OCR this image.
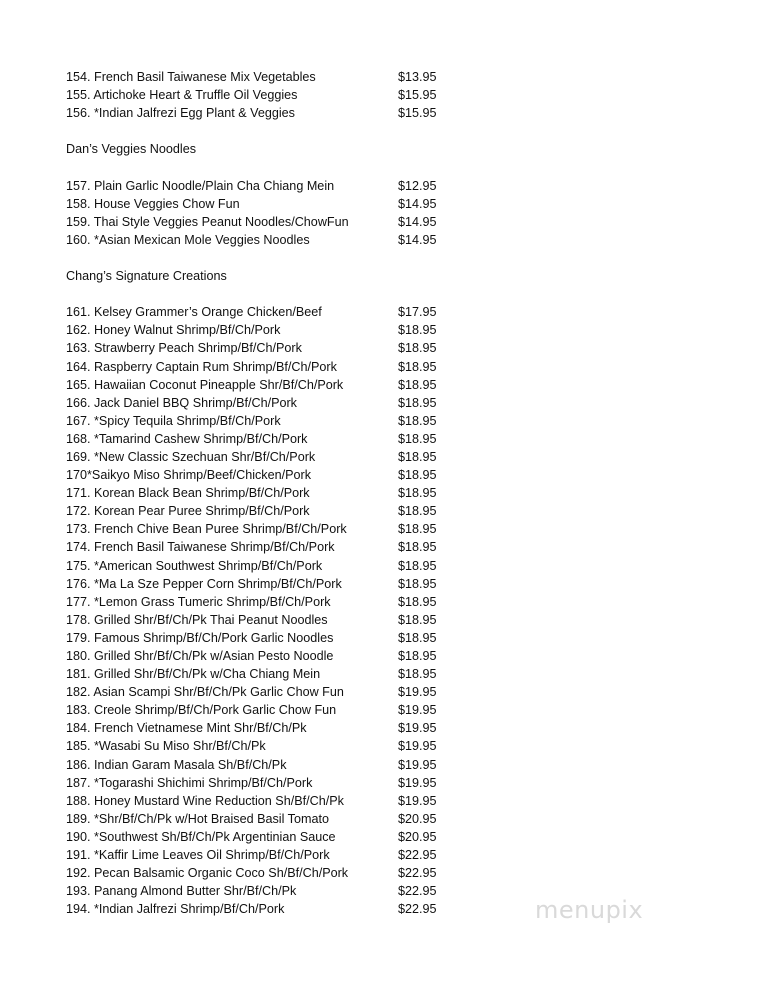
154. French Basil Taiwanese Mix Vegetables	$13.95
155. Artichoke Heart & Truffle Oil Veggies	$15.95
156. *Indian Jalfrezi Egg Plant & Veggies	$15.95
Dan’s Veggies Noodles
157. Plain Garlic Noodle/Plain Cha Chiang Mein	$12.95
158. House Veggies Chow Fun	$14.95
159. Thai Style Veggies Peanut Noodles/ChowFun	$14.95
160. *Asian Mexican Mole Veggies Noodles	$14.95
Chang’s Signature Creations
161. Kelsey Grammer’s Orange Chicken/Beef	$17.95
162. Honey Walnut Shrimp/Bf/Ch/Pork	$18.95
163. Strawberry Peach Shrimp/Bf/Ch/Pork	$18.95
164. Raspberry Captain Rum Shrimp/Bf/Ch/Pork	$18.95
165. Hawaiian Coconut Pineapple Shr/Bf/Ch/Pork	$18.95
166. Jack Daniel BBQ Shrimp/Bf/Ch/Pork	$18.95
167. *Spicy Tequila Shrimp/Bf/Ch/Pork	$18.95
168. *Tamarind Cashew Shrimp/Bf/Ch/Pork	$18.95
169. *New Classic Szechuan Shr/Bf/Ch/Pork	$18.95
170*Saikyo Miso Shrimp/Beef/Chicken/Pork	$18.95
171. Korean Black Bean Shrimp/Bf/Ch/Pork	$18.95
172. Korean Pear Puree Shrimp/Bf/Ch/Pork	$18.95
173. French Chive Bean Puree Shrimp/Bf/Ch/Pork	$18.95
174. French Basil Taiwanese Shrimp/Bf/Ch/Pork	$18.95
175. *American Southwest Shrimp/Bf/Ch/Pork	$18.95
176. *Ma La Sze Pepper Corn Shrimp/Bf/Ch/Pork	$18.95
177. *Lemon Grass Tumeric Shrimp/Bf/Ch/Pork	$18.95
178. Grilled Shr/Bf/Ch/Pk Thai Peanut Noodles	$18.95
179. Famous Shrimp/Bf/Ch/Pork Garlic Noodles	$18.95
180. Grilled Shr/Bf/Ch/Pk w/Asian Pesto Noodle	$18.95
181. Grilled Shr/Bf/Ch/Pk w/Cha Chiang Mein	$18.95
182. Asian Scampi Shr/Bf/Ch/Pk Garlic Chow Fun	$19.95
183. Creole Shrimp/Bf/Ch/Pork Garlic Chow Fun	$19.95
184. French Vietnamese Mint Shr/Bf/Ch/Pk	$19.95
185. *Wasabi Su Miso Shr/Bf/Ch/Pk	$19.95
186. Indian Garam Masala Sh/Bf/Ch/Pk	$19.95
187. *Togarashi Shichimi Shrimp/Bf/Ch/Pork	$19.95
188. Honey Mustard Wine Reduction Sh/Bf/Ch/Pk	$19.95
189. *Shr/Bf/Ch/Pk w/Hot Braised Basil Tomato	$20.95
190. *Southwest Sh/Bf/Ch/Pk Argentinian Sauce	$20.95
191. *Kaffir Lime Leaves Oil Shrimp/Bf/Ch/Pork	$22.95
192. Pecan Balsamic Organic Coco Sh/Bf/Ch/Pork	$22.95
193. Panang Almond Butter Shr/Bf/Ch/Pk	$22.95
194. *Indian Jalfrezi Shrimp/Bf/Ch/Pork	$22.95	menupix
